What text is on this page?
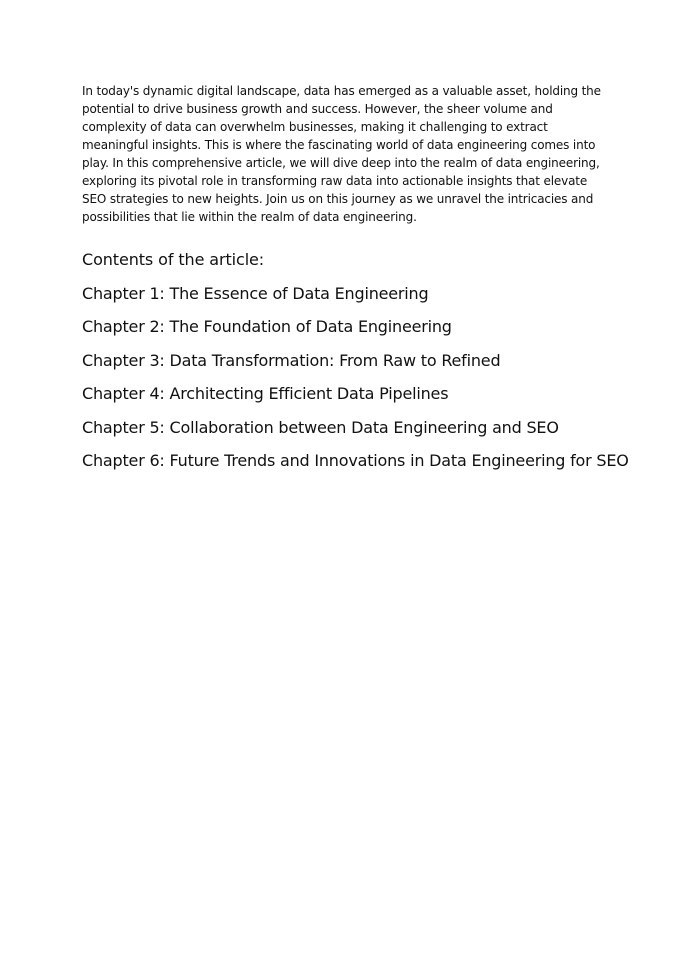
In today's dynamic digital landscape, data has emerged as a valuable asset, holding the potential to drive business growth and success. However, the sheer volume and complexity of data can overwhelm businesses, making it challenging to extract meaningful insights. This is where the fascinating world of data engineering comes into play. In this comprehensive article, we will dive deep into the realm of data engineering, exploring its pivotal role in transforming raw data into actionable insights that elevate SEO strategies to new heights. Join us on this journey as we unravel the intricacies and possibilities that lie within the realm of data engineering.

Contents of the article:
Chapter 1: The Essence of Data Engineering
Chapter 2: The Foundation of Data Engineering
Chapter 3: Data Transformation: From Raw to Refined
Chapter 4: Architecting Efficient Data Pipelines
Chapter 5: Collaboration between Data Engineering and SEO
Chapter 6: Future Trends and Innovations in Data Engineering for SEO
